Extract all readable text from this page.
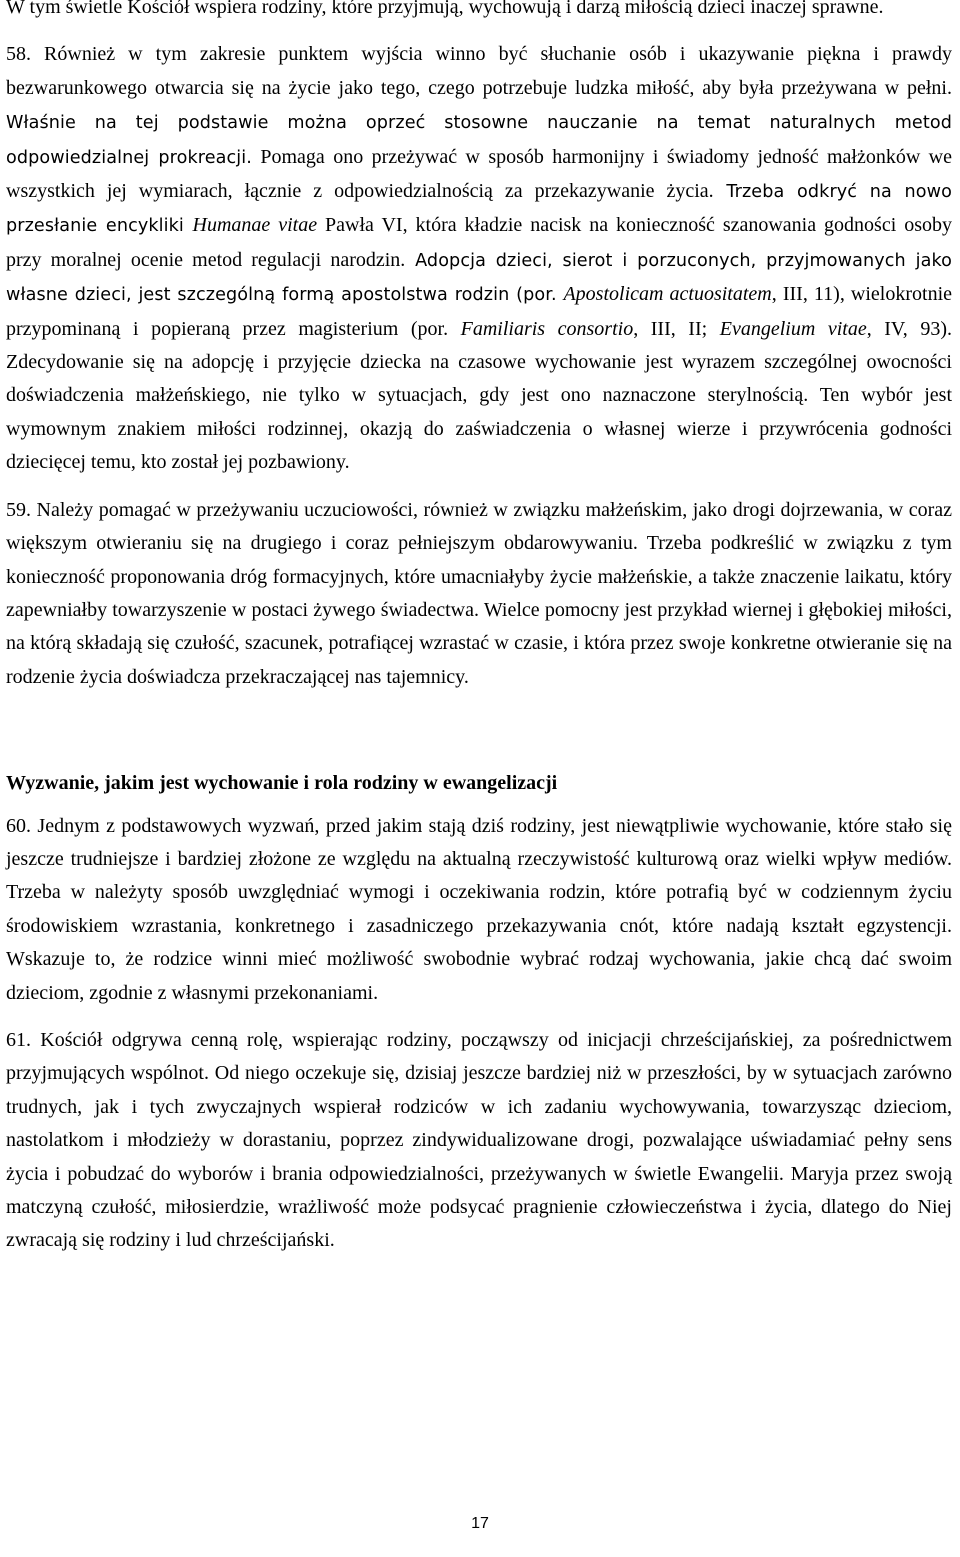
W tym świetle Kościół wspiera rodziny, które przyjmują, wychowują i darzą miłością dzieci inaczej sprawne.

58. Również w tym zakresie punktem wyjścia winno być słuchanie osób i ukazywanie piękna i prawdy bezwarunkowego otwarcia się na życie jako tego, czego potrzebuje ludzka miłość, aby była przeżywana w pełni. Właśnie na tej podstawie można oprzeć stosowne nauczanie na temat naturalnych metod odpowiedzialnej prokreacji. Pomaga ono przeżywać w sposób harmonijny i świadomy jedność małżonków we wszystkich jej wymiarach, łącznie z odpowiedzialnością za przekazywanie życia. Trzeba odkryć na nowo przesłanie encykliki Humanae vitae Pawła VI, która kładzie nacisk na konieczność szanowania godności osoby przy moralnej ocenie metod regulacji narodzin. Adopcja dzieci, sierot i porzuconych, przyjmowanych jako własne dzieci, jest szczególną formą apostolstwa rodzin (por. Apostolicam actuositatem, III, 11), wielokrotnie przypominaną i popieraną przez magisterium (por. Familiaris consortio, III, II; Evangelium vitae, IV, 93). Zdecydowanie się na adopcję i przyjęcie dziecka na czasowe wychowanie jest wyrazem szczególnej owocności doświadczenia małżeńskiego, nie tylko w sytuacjach, gdy jest ono naznaczone sterylnością. Ten wybór jest wymownym znakiem miłości rodzinnej, okazją do zaświadczenia o własnej wierze i przywrócenia godności dziecięcej temu, kto został jej pozbawiony.

59. Należy pomagać w przeżywaniu uczuciowości, również w związku małżeńskim, jako drogi dojrzewania, w coraz większym otwieraniu się na drugiego i coraz pełniejszym obdarowywaniu. Trzeba podkreślić w związku z tym konieczność proponowania dróg formacyjnych, które umacniałyby życie małżeńskie, a także znaczenie laikatu, który zapewniałby towarzyszenie w postaci żywego świadectwa. Wielce pomocny jest przykład wiernej i głębokiej miłości, na którą składają się czułość, szacunek, potrafiącej wzrastać w czasie, i która przez swoje konkretne otwieranie się na rodzenie życia doświadcza przekraczającej nas tajemnicy.

Wyzwanie, jakim jest wychowanie i rola rodziny w ewangelizacji

60. Jednym z podstawowych wyzwań, przed jakim stają dziś rodziny, jest niewątpliwie wychowanie, które stało się jeszcze trudniejsze i bardziej złożone ze względu na aktualną rzeczywistość kulturową oraz wielki wpływ mediów. Trzeba w należyty sposób uwzględniać wymogi i oczekiwania rodzin, które potrafią być w codziennym życiu środowiskiem wzrastania, konkretnego i zasadniczego przekazywania cnót, które nadają kształt egzystencji. Wskazuje to, że rodzice winni mieć możliwość swobodnie wybrać rodzaj wychowania, jakie chcą dać swoim dzieciom, zgodnie z własnymi przekonaniami.

61. Kościół odgrywa cenną rolę, wspierając rodziny, począwszy od inicjacji chrześcijańskiej, za pośrednictwem przyjmujących wspólnot. Od niego oczekuje się, dzisiaj jeszcze bardziej niż w przeszłości, by w sytuacjach zarówno trudnych, jak i tych zwyczajnych wspierał rodziców w ich zadaniu wychowywania, towarzysząc dzieciom, nastolatkom i młodzieży w dorastaniu, poprzez zindywidualizowane drogi, pozwalające uświadamiać pełny sens życia i pobudzać do wyborów i brania odpowiedzialności, przeżywanych w świetle Ewangelii. Maryja przez swoją matczyną czułość, miłosierdzie, wrażliwość może podsycać pragnienie człowieczeństwa i życia, dlatego do Niej zwracają się rodziny i lud chrześcijański.

17
